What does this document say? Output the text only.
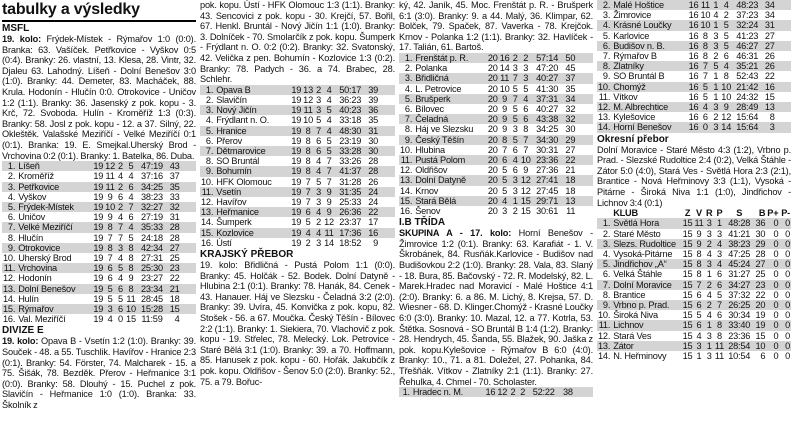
tabulky a výsledky
MSFL
19. kolo: Frýdek-Místek - Rýmařov 1:0 (0:0). Branka: 63. Vašíček. Petřkovice - Vyškov 0:5 (0:4). Branky: 26. vlastní, 13. Klesa, 28. Vintr, 32. Djaleu 63. Lahodný. Líšeň - Dolní Benešov 3:0 (1:0). Branky: 44. Demeter, 83. Macháček, 88. Krula. Hodonín - Hlučín 0:0. Otrokovice - Uničov 1:2 (1:1). Branky: 36. Jasenský z pok. kopu - 3. Krč, 72. Svoboda. Hulín - Kroměříž 1:3 (0:3). Branky: 58. Josl z pok. kopu - 12. a 37. Silný, 22. Okleštěk. Valašské Meziříčí - Velké Meziříčí 0:1 (0:1). Branka: 19. E. Smejkal.Uherský Brod - Vrchovina 0:2 (0:1). Branky: 1. Batelka, 86. Duba.
1.	Líšeň	19	12	2	5	47:19	43		
2.	Kroměříž	19	11	4	4	37:16	37		
3.	Petřkovice	19	11	2	6	34:25	35		
4.	Vyškov	19	9	6	4	38:23	33		
5.	Frýdek-Místek	19	10	2	7	32:27	32		
6.	Uničov	19	9	4	6	27:19	31		
7.	Velké Meziříčí	19	8	7	4	35:33	28		
8.	Hlučín	19	7	7	5	24:18	28		
9.	Otrokovice	19	8	3	8	42:34	27		
10.	Uherský Brod	19	7	4	8	27:31	25		
11.	Vrchovina	19	6	5	8	25:30	23		
12.	Hodonín	19	6	4	9	23:27	22		
13.	Dolní Benešov	19	5	6	8	23:34	21		
14.	Hulín	19	5	5	11	28:45	18		
15.	Rýmařov	19	3	6	10	15:28	15		
16.	Val. Meziříčí	19	4	0	15	11:59	4		
DIVIZE E
19. kolo: Opava B - Vsetín 1:2 (1:0). Branky: 39. Souček - 48. a 55. Tuschlik. Havířov - Hranice 2:3 (0:1). Branky: 54. Förster, 74. Malcharek - 15. a 75. Šišák, 78. Bezděk. Přerov - Heřmanice 3:1 (0:0). Branky: 58. Dlouhý - 15. Puchel z pok. Slavičín - Heřmanice 1:0 (1:0). Branka: 33. Školník z
pok. kopu. Ústí - HFK Olomouc 1:3 (1:1). Branky: 43. Sencovici z pok. kopu - 30. Krejčí, 57. Bořil, 67. Henkl. Bruntál - Nový Jičín 1:1 (1:0). Branky: 3. Dolníček - 70. Smolarčík z pok. kopu. Šumperk - Frýdlant n. O. 0:2 (0:2). Branky: 32. Svatonský, 42. Velička z pen. Bohumín - Kozlovice 1:3 (0:2). Branky: 78. Padych - 36. a 74. Brabec, 28. Schlehr.
1.	Opava B	19	13	2	4	50:17	39		
2.	Slavičín	19	12	3	4	36:23	39		
3.	Nový Jičín	19	11	3	5	40:23	36		
4.	Frýdlant n. O.	19	10	5	4	33:18	35		
5.	Hranice	19	8	7	4	48:30	31		
6.	Přerov	19	8	6	5	23:19	30		
7.	Dětmarovice	19	8	6	5	33:28	30		
8.	SO Bruntál	19	8	4	7	33:26	28		
9.	Bohumín	19	8	4	7	41:37	28		
10.	HFK Olomouc	19	7	5	7	31:28	26		
11.	Vsetín	19	7	3	9	31:35	24		
12.	Havířov	19	7	3	9	25:33	24		
13.	Heřmanice	19	6	4	9	26:36	22		
14.	Šumperk	19	5	2	12	23:37	17		
15.	Kozlovice	19	4	4	11	17:36	16		
16.	Ústí	19	2	3	14	18:52	9		
KRAJSKÝ PŘEBOR
19. kolo: Břidličná - Pustá Polom 1:1 (0:0). Branky: 45. Holčák - 52. Bodek. Dolní Datyně - Hlubina 2:1 (0:1). Branky: 78. Hanák, 84. Cenek - 43. Hanauer. Háj ve Slezsku - Čeladná 3:2 (2:0). Branky: 39. Uvíra, 45. Konvička z pok. kopu, 82. Stošek - 56. a 67. Moučka. Český Těšín - Bílovec 2:2 (1:1). Branky: 1. Siekiera, 70. Vlachovič z pok. kopu - 19. Střelec, 78. Melecký. Lok. Petrovice - Staré Bělá 3:1 (1:0). Branky: 39. a 70. Hoffmann, 85. Hanusek z pok. kopu - 60. Hořák. Jakubčík z pok. kopu. Oldřišov - Šenov 5:0 (2:0). Branky: 52., 75. a 79. Bořuc-
ký, 42. Janík, 45. Moc. Frenštát p. R. - Brušperk 6:1 (3:0). Branky: 9. a 44. Malý, 36. Klimpar, 62. Bolček, 79. Spaček, 87. Vaverka - 78. Krejčok. Krnov - Polanka 1:2 (1:1). Branky: 32. Havlíček - 17. Talián, 61. Bartoš.
1.	Frenštát p. R.	20	16	2	2	57:14	50		
2.	Polanka	20	14	3	3	47:20	45		
3.	Břidličná	20	11	7	3	40:27	37		
4.	L. Petrovice	20	10	5	5	41:30	35		
5.	Brušperk	20	9	7	4	37:31	34		
6.	Bílovec	20	9	5	6	40:27	32		
7.	Čeladná	20	9	5	6	43:38	32		
8.	Háj ve Slezsku	20	9	3	8	34:25	30		
9.	Český Těšín	20	8	5	7	34:30	29		
10.	Hlubina	20	7	6	7	30:31	27		
11.	Pustá Polom	20	6	4	10	23:36	22		
12.	Oldřišov	20	5	6	9	27:36	21		
13.	Dolní Datyně	20	5	3	12	27:41	18		
14.	Krnov	20	5	3	12	27:45	18		
15.	Stará Bělá	20	4	1	15	29:71	13		
16.	Šenov	20	3	2	15	30:61	11		
I.B TŘÍDA
SKUPINA A - 17. kolo: Horní Benešov - Žimrovice 1:2 (0:1). Branky: 63. Karafiát - 1. V. Škrobánek, 84. Rusňák.Karlovice - Budišov nad Budišovkou 2:2 (1:0). Branky: 28. Vala, 83. Slaný - 18. Bura, 85. Bačovský - 72. R. Modelský, 82. L. Marek.Hradec nad Moravicí - Malé Hoštice 4:1 (2:0). Branky: 6. a 86. M. Lichý, 8. Krejsa, 57. D. Wiesner - 68. D. Klinger.Chomýž - Krasné Loučky 6:0 (3:0). Branky: 10. Mazal, 12. a 77. Kotrla, 53. Štětka. Sosnová - SO Bruntál B 1:4 (1:2). Branky: 28. Hendrych, 45. Šanda, 55. Blažek, 90. Jaška z pok. kopu.Kylešovice - Rýmařov B 6:0 (4:0). Branky: 10., 71. a 81. Doležel, 27. Pohanka, 84. Třešňák. Vítkov - Zlatníky 2:1 (1:1). Branky: 27. Řehulka, 4. Chmel - 70. Scholaster.
1.	Hradec n. M.	16	12	2	2	52:22	38		
2.	Malé Hoštice	16	11	1	4	48:23	34		
3.	Žimrovice	16	10	4	2	37:23	34		
4.	Krásné Loučky	16	10	1	5	32:24	31		
5.	Karlovice	16	8	3	5	41:23	27		
6.	Budišov n. B.	16	8	3	5	46:27	27		
7.	Rýmařov B	16	8	2	6	46:31	26		
8.	Zlatníky	16	7	5	4	35:21	26		
9.	SO Bruntál B	16	7	1	8	52:43	22		
10.	Chomýž	16	5	1	10	21:42	16		
11.	Vítkov	16	5	1	10	24:32	15		
12.	M. Albrechtice	16	4	3	9	28:49	13		
13.	Kylešovice	16	6	2	12	15:64	8		
14.	Horní Benešov	16	0	3	14	15:64	3		
Okresní přebor
Dolní Moravice - Staré Město 4:3 (1:2), Vrbno p. Prad. - Slezské Rudoltice 2:4 (0:2), Velká Štáhle - Zátor 5:0 (4:0), Stará Ves - Světlá Hora 2:3 (2:1), Brantice - Nová Heřminovy 3:3 (1:1), Vysoká - Pitárne - Široká Niva 1:1 (1:0), Jindřichov - Lichnov 3:4 (0:1)
	KLUB	Z	V	R	P	S	B	P+	P-
1.	Světlá Hora	15	11	3	1	48:28	36	0	0
2.	Staré Město	15	9	3	3	41:21	30	0	0
3.	Slezs. Rudoltice	15	9	2	4	38:23	29	0	0
4.	Vysoká-Pitárne	15	8	4	3	47:25	28	0	0
5.	Jindřichov „A“	15	8	3	4	45:24	27	0	0
6.	Velká Štáhle	15	8	1	6	31:27	25	0	0
7.	Dolní Moravice	15	7	2	6	34:27	23	0	0
8.	Brantice	15	6	4	5	37:32	22	0	0
9.	Vrbno p. Prad.	15	6	2	7	26:25	20	0	0
10.	Široká Niva	15	5	4	6	30:34	19	0	0
11.	Lichnov	15	6	1	8	33:40	19	0	0
12.	Stará Ves	15	4	3	8	23:36	15	0	0
13.	Zátor	15	3	1	11	28:54	10	0	0
14.	N. Heřminovy	15	1	3	11	10:54	6	0	0
